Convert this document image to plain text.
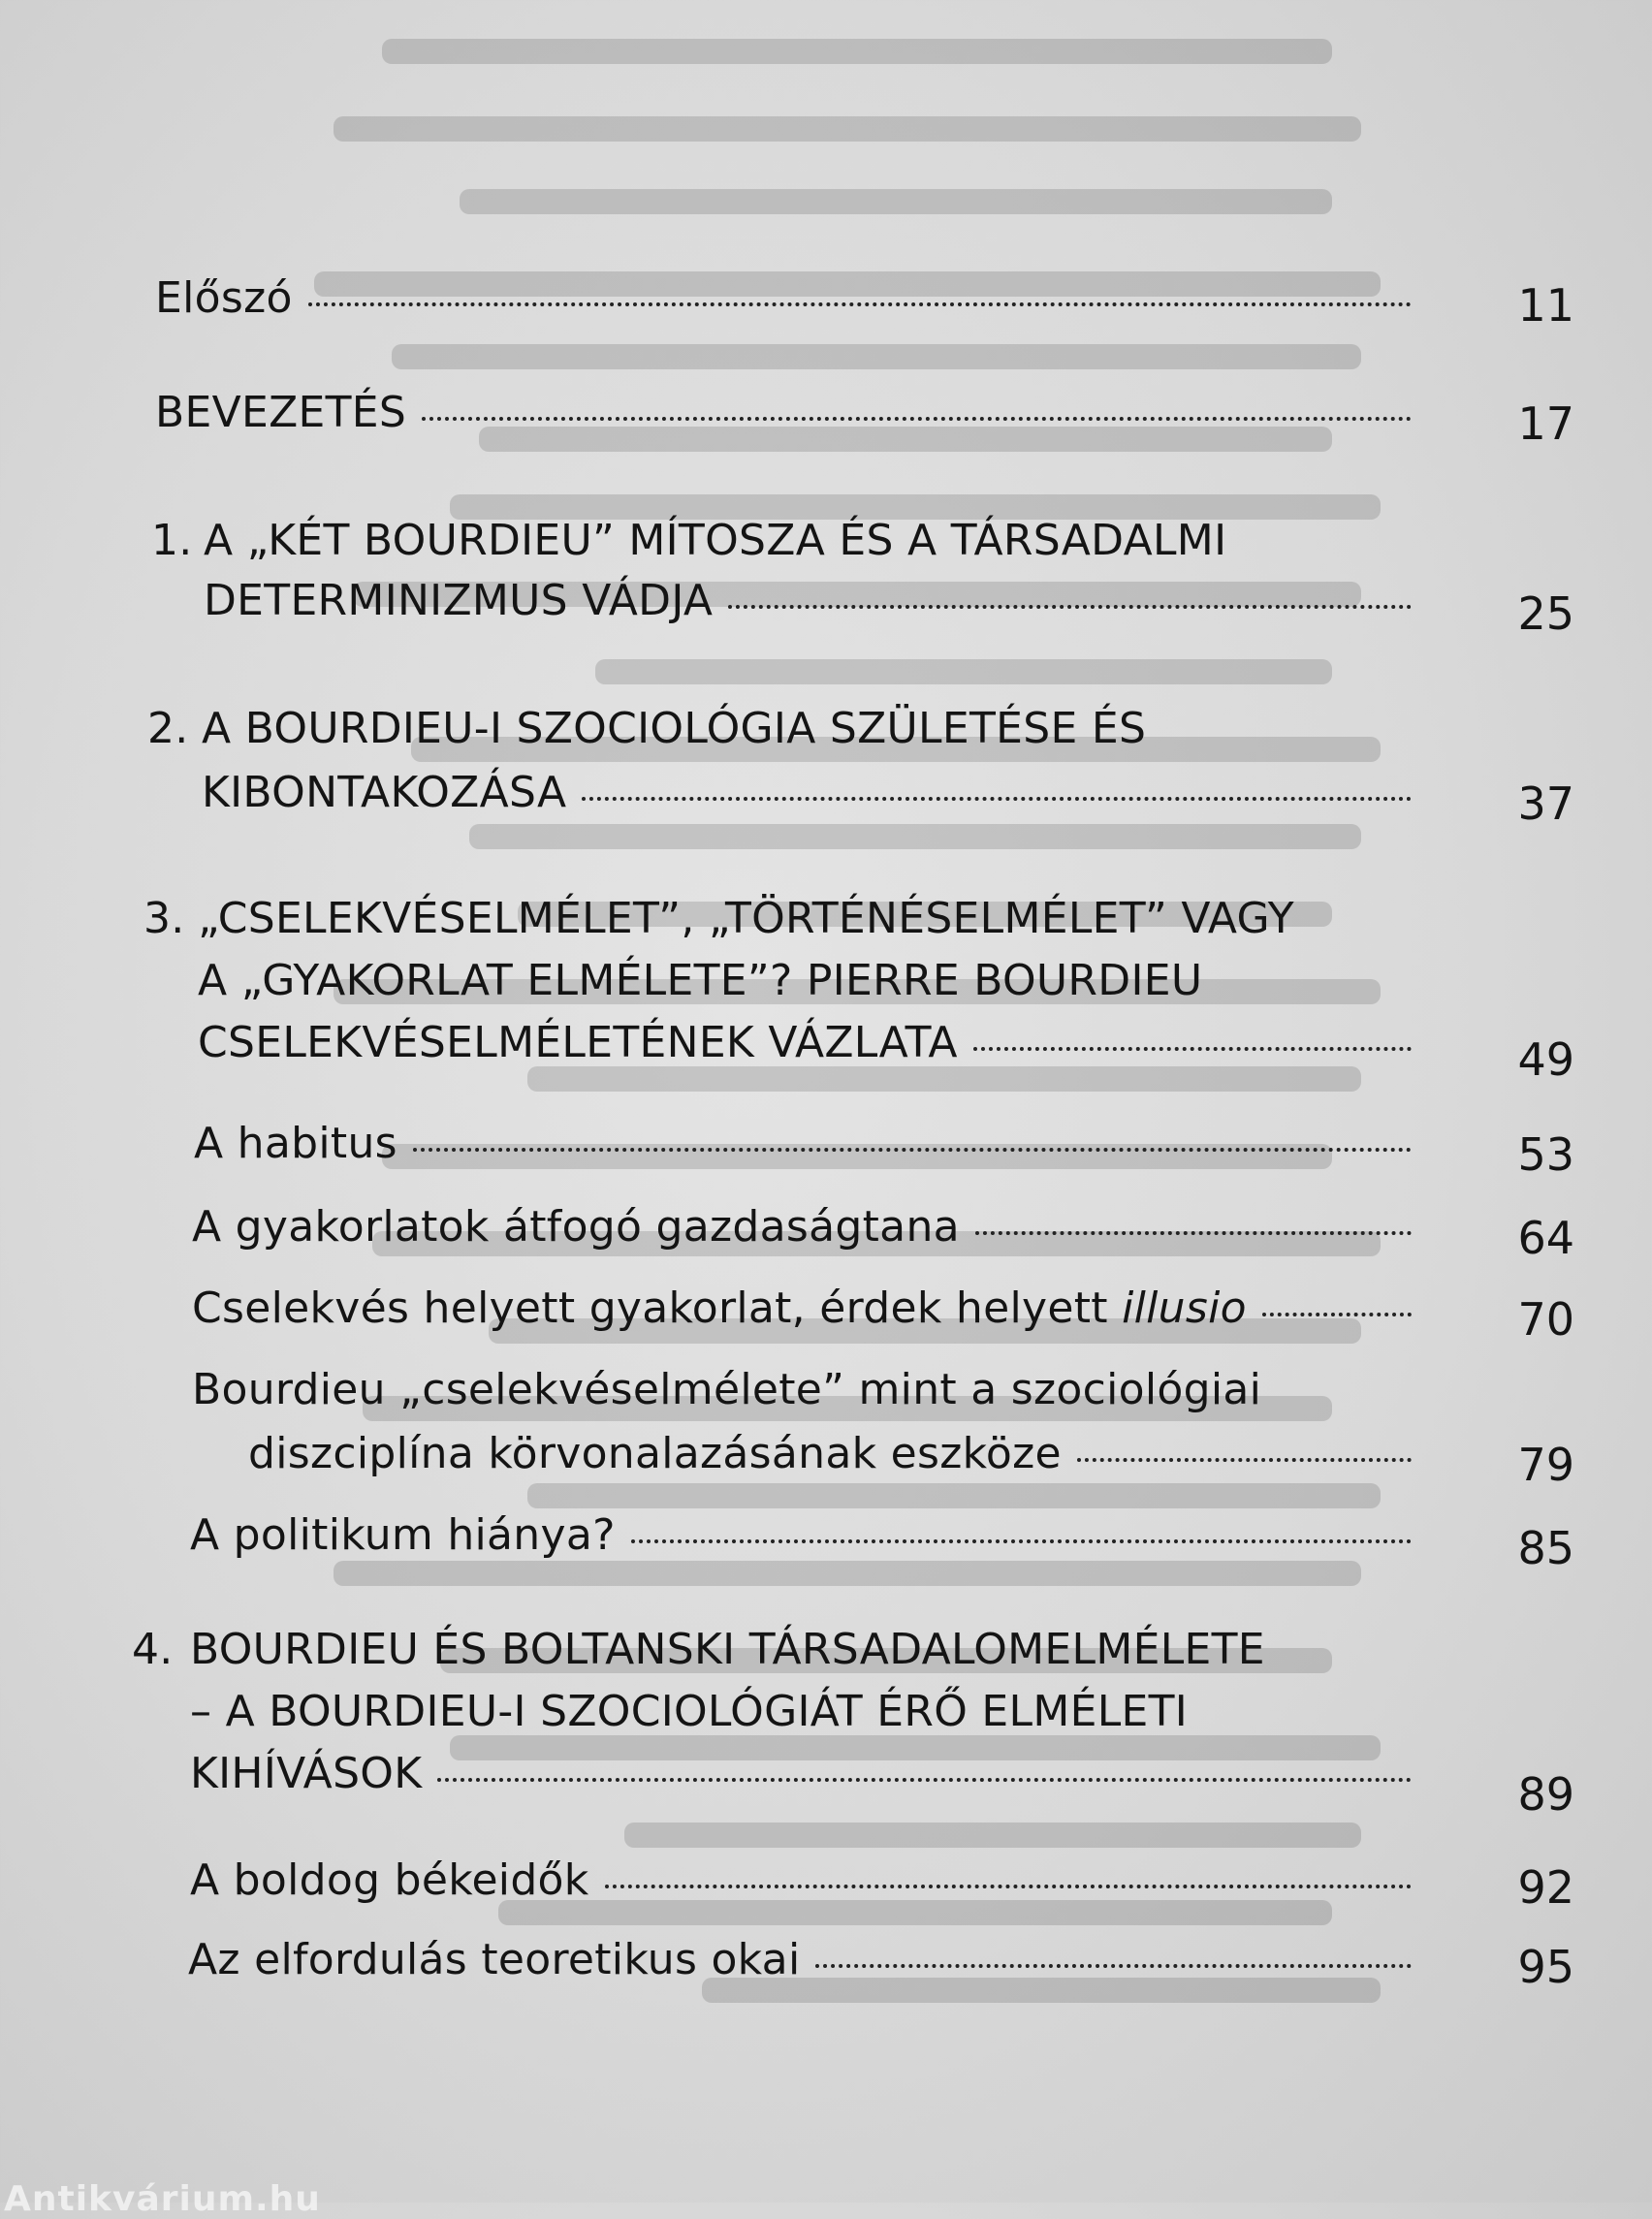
Előszó	11
BEVEZETÉS	17
1. A „KÉT BOURDIEU” MÍTOSZA ÉS A TÁRSADALMI
DETERMINIZMUS VÁDJA	25
2. A BOURDIEU-I SZOCIOLÓGIA SZÜLETÉSE ÉS
KIBONTAKOZÁSA	37
3. „CSELEKVÉSELMÉLET”, „TÖRTÉNÉSELMÉLET” VAGY
A „GYAKORLAT ELMÉLETE”? PIERRE BOURDIEU
CSELEKVÉSELMÉLETÉNEK VÁZLATA	49
A habitus	53
A gyakorlatok átfogó gazdaságtana	64
Cselekvés helyett gyakorlat, érdek helyett
illusio	70
Bourdieu „cselekvéselmélete” mint a szociológiai
diszciplína körvonalazásának eszköze	79
A politikum hiánya?	85
4. BOURDIEU ÉS BOLTANSKI TÁRSADALOMELMÉLETE
– A BOURDIEU-I SZOCIOLÓGIÁT ÉRŐ ELMÉLETI
KIHÍVÁSOK	89
A boldog békeidők	92
Az elfordulás teoretikus okai	95
Antikvárium.hu
